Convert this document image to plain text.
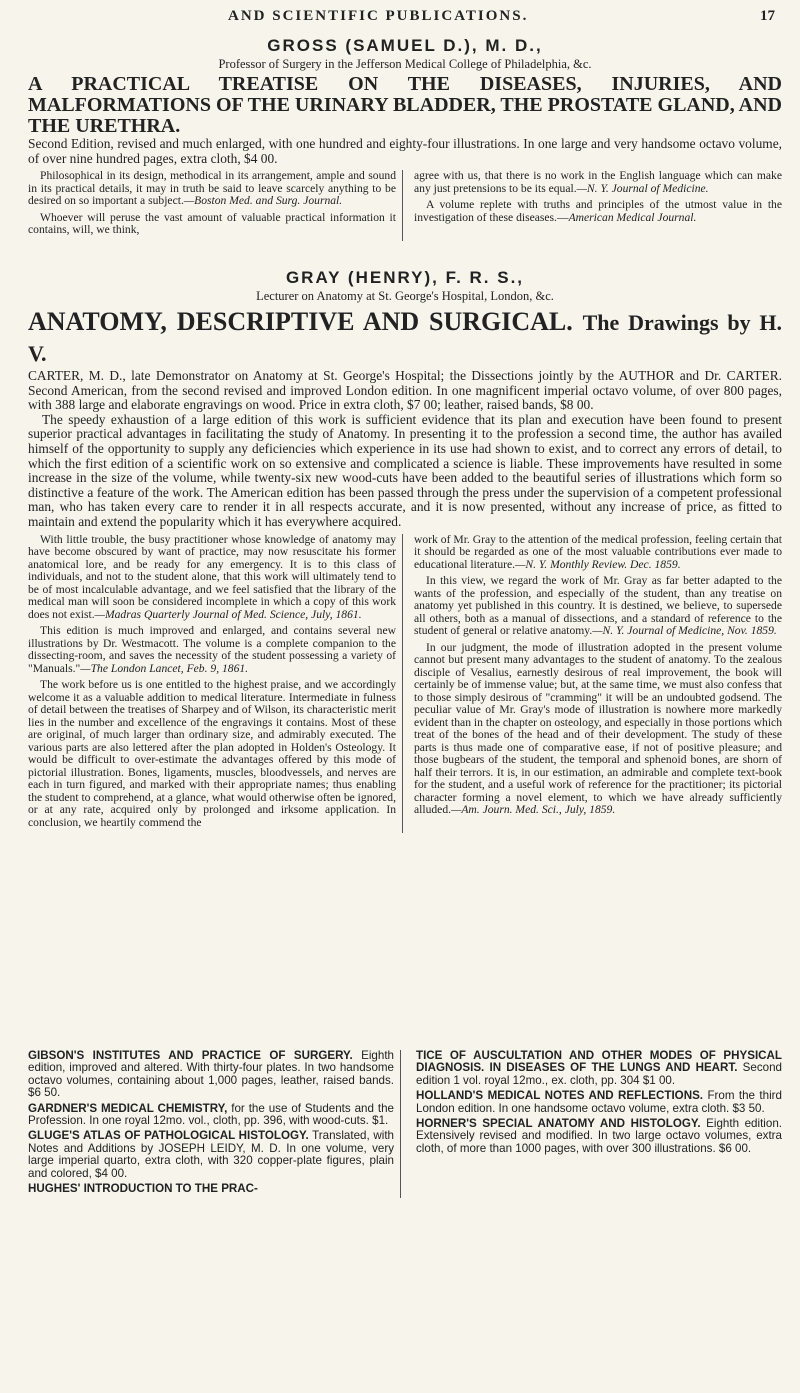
AND SCIENTIFIC PUBLICATIONS.	17
GROSS (SAMUEL D.), M. D.,
Professor of Surgery in the Jefferson Medical College of Philadelphia, &c.
A PRACTICAL TREATISE ON THE DISEASES, INJURIES, AND MALFORMATIONS OF THE URINARY BLADDER, THE PROSTATE GLAND, AND THE URETHRA.
Second Edition, revised and much enlarged, with one hundred and eighty-four illustrations. In one large and very handsome octavo volume, of over nine hundred pages, extra cloth, $4 00.

Philosophical in its design, methodical in its arrangement, ample and sound in its practical details, it may in truth be said to leave scarcely anything to be desired on so important a subject.—Boston Med. and Surg. Journal.

Whoever will peruse the vast amount of valuable practical information it contains, will, we think,

agree with us, that there is no work in the English language which can make any just pretensions to be its equal.—N. Y. Journal of Medicine.

A volume replete with truths and principles of the utmost value in the investigation of these diseases.—American Medical Journal.

GRAY (HENRY), F. R. S.,
Lecturer on Anatomy at St. George's Hospital, London, &c.
ANATOMY, DESCRIPTIVE AND SURGICAL. The Drawings by H. V.
CARTER, M. D., late Demonstrator on Anatomy at St. George's Hospital; the Dissections jointly by the AUTHOR and Dr. CARTER. Second American, from the second revised and improved London edition. In one magnificent imperial octavo volume, of over 800 pages, with 388 large and elaborate engravings on wood. Price in extra cloth, $7 00; leather, raised bands, $8 00.
The speedy exhaustion of a large edition of this work is sufficient evidence that its plan and execution have been found to present superior practical advantages in facilitating the study of Anatomy. In presenting it to the profession a second time, the author has availed himself of the opportunity to supply any deficiencies which experience in its use had shown to exist, and to correct any errors of detail, to which the first edition of a scientific work on so extensive and complicated a science is liable. These improvements have resulted in some increase in the size of the volume, while twenty-six new wood-cuts have been added to the beautiful series of illustrations which form so distinctive a feature of the work. The American edition has been passed through the press under the supervision of a competent professional man, who has taken every care to render it in all respects accurate, and it is now presented, without any increase of price, as fitted to maintain and extend the popularity which it has everywhere acquired.

With little trouble, the busy practitioner whose knowledge of anatomy may have become obscured by want of practice, may now resuscitate his former anatomical lore, and be ready for any emergency. It is to this class of individuals, and not to the student alone, that this work will ultimately tend to be of most incalculable advantage, and we feel satisfied that the library of the medical man will soon be considered incomplete in which a copy of this work does not exist.—Madras Quarterly Journal of Med. Science, July, 1861.

This edition is much improved and enlarged, and contains several new illustrations by Dr. Westmacott. The volume is a complete companion to the dissecting-room, and saves the necessity of the student possessing a variety of "Manuals."—The London Lancet, Feb. 9, 1861.

The work before us is one entitled to the highest praise, and we accordingly welcome it as a valuable addition to medical literature. Intermediate in fulness of detail between the treatises of Sharpey and of Wilson, its characteristic merit lies in the number and excellence of the engravings it contains. Most of these are original, of much larger than ordinary size, and admirably executed. The various parts are also lettered after the plan adopted in Holden's Osteology. It would be difficult to over-estimate the advantages offered by this mode of pictorial illustration. Bones, ligaments, muscles, bloodvessels, and nerves are each in turn figured, and marked with their appropriate names; thus enabling the student to comprehend, at a glance, what would otherwise often be ignored, or at any rate, acquired only by prolonged and irksome application. In conclusion, we heartily commend the

work of Mr. Gray to the attention of the medical profession, feeling certain that it should be regarded as one of the most valuable contributions ever made to educational literature.—N. Y. Monthly Review. Dec. 1859.

In this view, we regard the work of Mr. Gray as far better adapted to the wants of the profession, and especially of the student, than any treatise on anatomy yet published in this country. It is destined, we believe, to supersede all others, both as a manual of dissections, and a standard of reference to the student of general or relative anatomy.—N. Y. Journal of Medicine, Nov. 1859.

In our judgment, the mode of illustration adopted in the present volume cannot but present many advantages to the student of anatomy. To the zealous disciple of Vesalius, earnestly desirous of real improvement, the book will certainly be of immense value; but, at the same time, we must also confess that to those simply desirous of "cramming" it will be an undoubted godsend. The peculiar value of Mr. Gray's mode of illustration is nowhere more markedly evident than in the chapter on osteology, and especially in those portions which treat of the bones of the head and of their development. The study of these parts is thus made one of comparative ease, if not of positive pleasure; and those bugbears of the student, the temporal and sphenoid bones, are shorn of half their terrors. It is, in our estimation, an admirable and complete text-book for the student, and a useful work of reference for the practitioner; its pictorial character forming a novel element, to which we have already sufficiently alluded.—Am. Journ. Med. Sci., July, 1859.

GIBSON'S INSTITUTES AND PRACTICE OF SURGERY. Eighth edition, improved and altered. With thirty-four plates. In two handsome octavo volumes, containing about 1,000 pages, leather, raised bands. $6 50.
GARDNER'S MEDICAL CHEMISTRY, for the use of Students and the Profession. In one royal 12mo. vol., cloth, pp. 396, with wood-cuts. $1.
GLUGE'S ATLAS OF PATHOLOGICAL HISTOLOGY. Translated, with Notes and Additions by JOSEPH LEIDY, M. D. In one volume, very large imperial quarto, extra cloth, with 320 copper-plate figures, plain and colored, $4 00.
HUGHES' INTRODUCTION TO THE PRAC-
TICE OF AUSCULTATION AND OTHER MODES OF PHYSICAL DIAGNOSIS. IN DISEASES OF THE LUNGS AND HEART. Second edition 1 vol. royal 12mo., ex. cloth, pp. 304 $1 00.
HOLLAND'S MEDICAL NOTES AND REFLECTIONS. From the third London edition. In one handsome octavo volume, extra cloth. $3 50.
HORNER'S SPECIAL ANATOMY AND HISTOLOGY. Eighth edition. Extensively revised and modified. In two large octavo volumes, extra cloth, of more than 1000 pages, with over 300 illustrations. $6 00.
